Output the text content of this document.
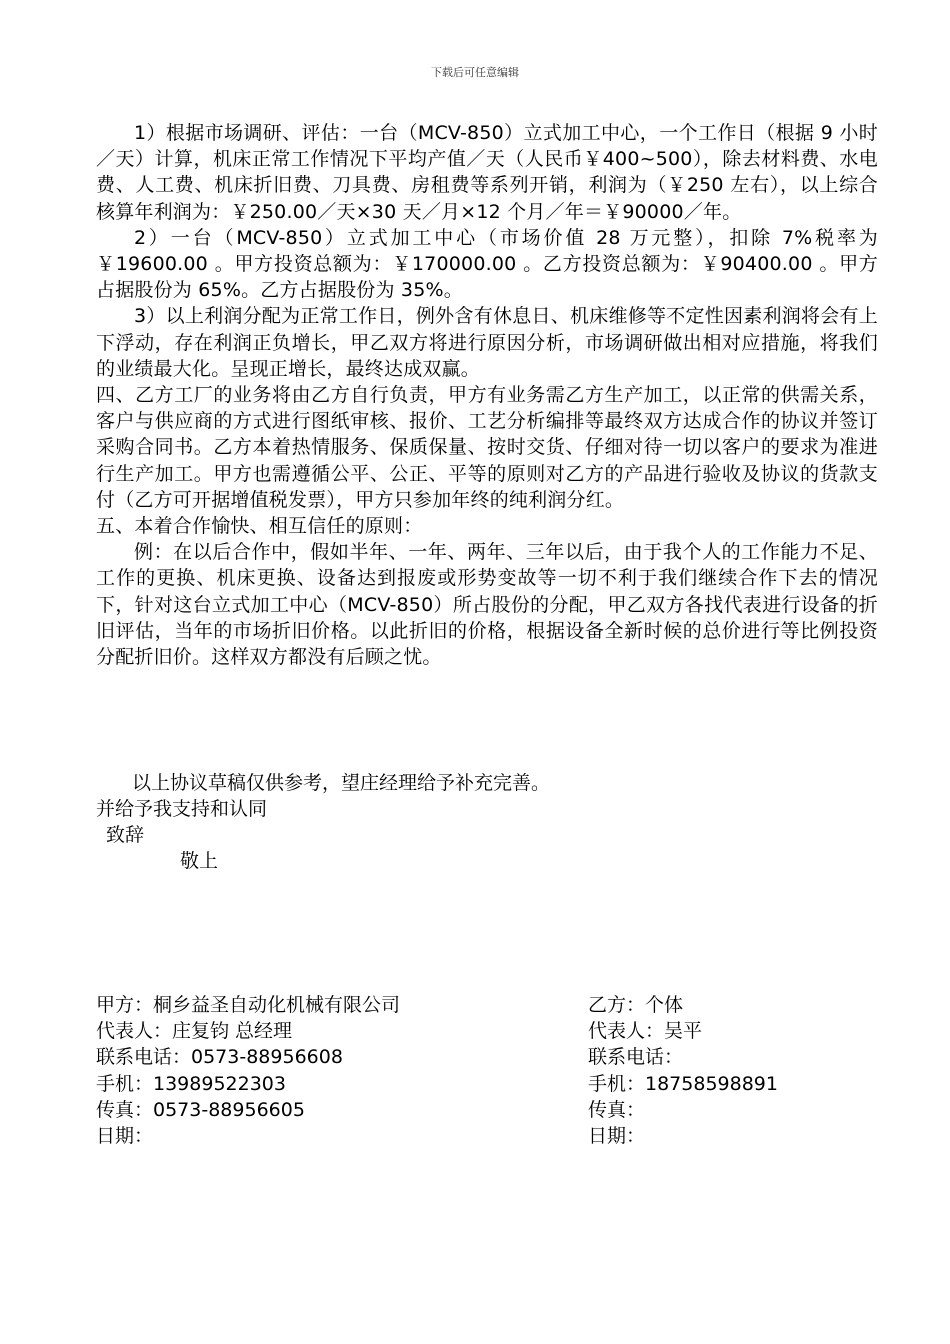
下载后可任意编辑

1）根据市场调研、评估：一台（MCV-850）立式加工中心，一个工作日（根据 9 小时／天）计算，机床正常工作情况下平均产值／天（人民币￥400~500），除去材料费、水电费、人工费、机床折旧费、刀具费、房租费等系列开销，利润为（￥250 左右），以上综合核算年利润为：￥250.00／天×30 天／月×12 个月／年＝￥90000／年。

2）一台（MCV-850）立式加工中心（市场价值 28 万元整），扣除 7%税率为￥19600.00 。甲方投资总额为：￥170000.00 。乙方投资总额为：￥90400.00 。甲方占据股份为 65%。乙方占据股份为 35%。

3）以上利润分配为正常工作日，例外含有休息日、机床维修等不定性因素利润将会有上下浮动，存在利润正负增长，甲乙双方将进行原因分析，市场调研做出相对应措施，将我们的业绩最大化。呈现正增长，最终达成双赢。

四、乙方工厂的业务将由乙方自行负责，甲方有业务需乙方生产加工，以正常的供需关系，客户与供应商的方式进行图纸审核、报价、工艺分析编排等最终双方达成合作的协议并签订采购合同书。乙方本着热情服务、保质保量、按时交货、仔细对待一切以客户的要求为准进行生产加工。甲方也需遵循公平、公正、平等的原则对乙方的产品进行验收及协议的货款支付（乙方可开据增值税发票），甲方只参加年终的纯利润分红。

五、本着合作愉快、相互信任的原则：

例：在以后合作中，假如半年、一年、两年、三年以后，由于我个人的工作能力不足、工作的更换、机床更换、设备达到报废或形势变故等一切不利于我们继续合作下去的情况下，针对这台立式加工中心（MCV-850）所占股份的分配，甲乙双方各找代表进行设备的折旧评估，当年的市场折旧价格。以此折旧的价格，根据设备全新时候的总价进行等比例投资分配折旧价。这样双方都没有后顾之忧。

以上协议草稿仅供参考，望庄经理给予补充完善。
并给予我支持和认同
致辞
敬上
甲方：桐乡益圣自动化机械有限公司
代表人：庄复钧 总经理
联系电话：0573-88956608
手机：13989522303
传真：0573-88956605
日期：
乙方：个体
代表人：吴平
联系电话：
手机：18758598891
传真：
日期：
